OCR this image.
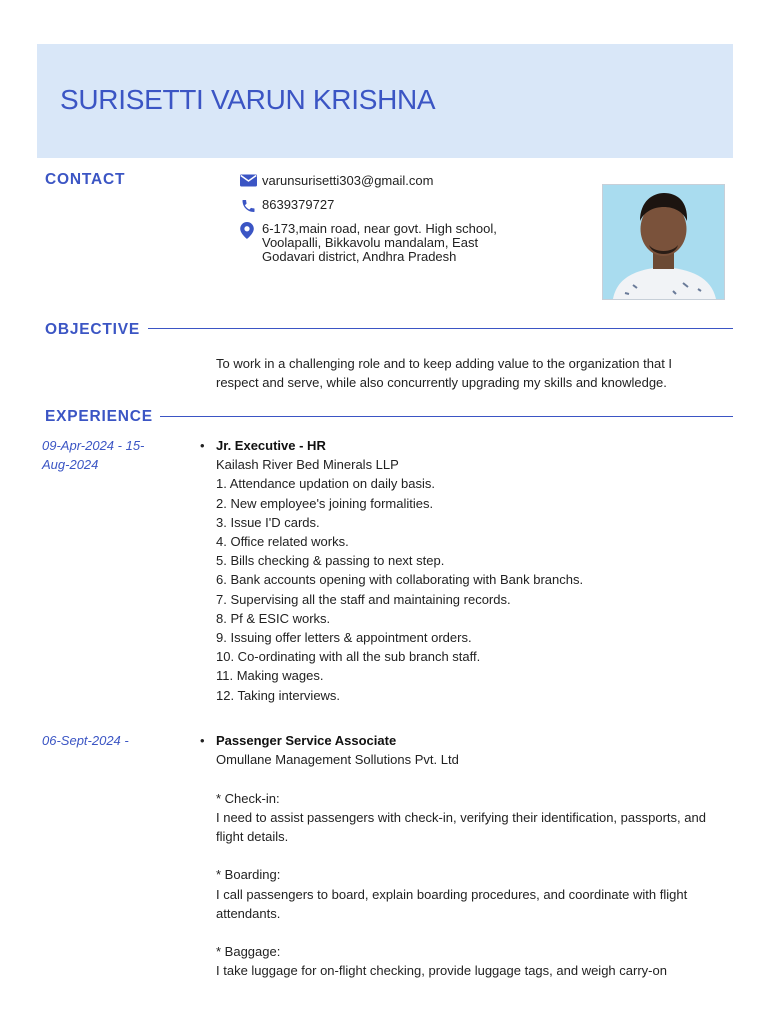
SURISETTI VARUN KRISHNA
CONTACT	varunsurisetti303@gmail.com
8639379727
6-173,main road, near govt. High school,
Voolapalli, Bikkavolu mandalam, East
Godavari district, Andhra Pradesh
OBJECTIVE
To work in a challenging role and to keep adding value to the organization that I
respect and serve, while also concurrently upgrading my skills and knowledge.
EXPERIENCE
09-Apr-2024 - 15-
Aug-2024
• Jr. Executive - HR
Kailash River Bed Minerals LLP
1. Attendance updation on daily basis.
2. New employee's joining formalities.
3. Issue I'D cards.
4. Office related works.
5. Bills checking & passing to next step.
6. Bank accounts opening with collaborating with Bank branchs.
7. Supervising all the staff and maintaining records.
8. Pf & ESIC works.
9. Issuing offer letters & appointment orders.
10. Co-ordinating with all the sub branch staff.
11. Making wages.
12. Taking interviews.
06-Sept-2024 -	• Passenger Service Associate
Omullane Management Sollutions Pvt. Ltd
* Check-in:
I need to assist passengers with check-in, verifying their identification, passports, and
flight details.
* Boarding:
I call passengers to board, explain boarding procedures, and coordinate with flight
attendants.
* Baggage:
I take luggage for on-flight checking, provide luggage tags, and weigh carry-on
